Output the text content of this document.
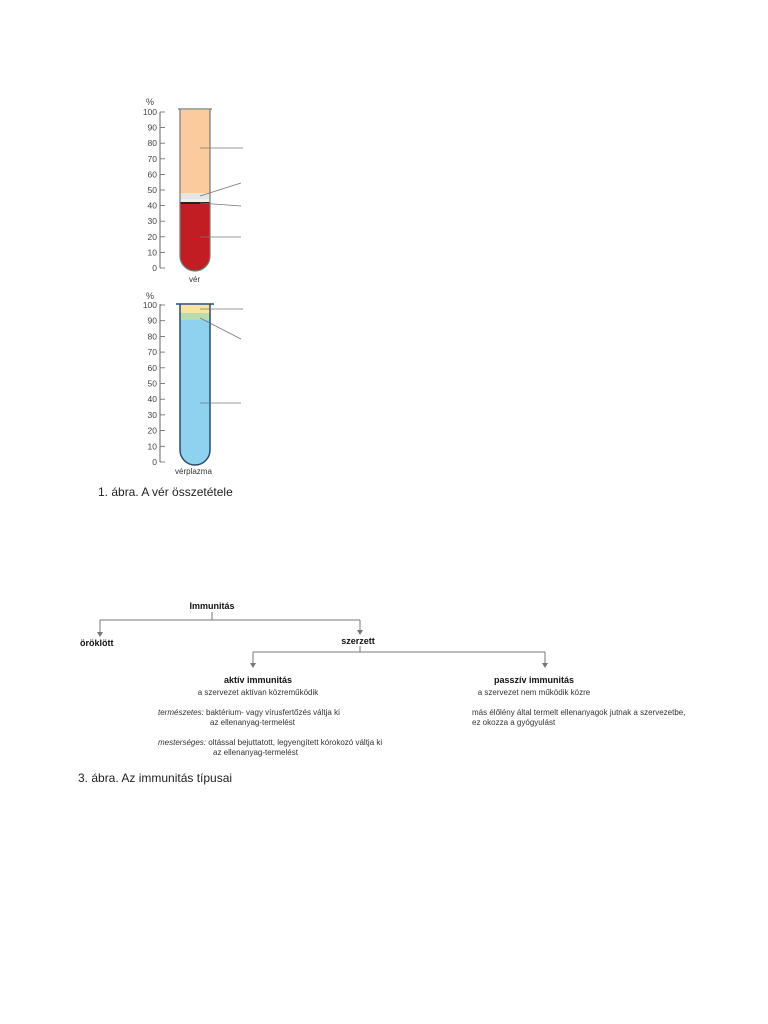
%
100
90
80
70
60
50
40
30
20
10
0
vér
%
100
90
80
70
60
50
40
30
20
10
0
vérplazma
1. ábra. A vér összetétele
Immunitás
öröklött	szerzett
aktív immunitás
a szervezet aktívan közreműködik
természetes: baktérium- vagy vírusfertőzés váltja ki
az ellenanyag-termelést
mesterséges: oltással bejuttatott, legyengített kórokozó váltja ki
az ellenanyag-termelést
passzív immunitás
a szervezet nem működik közre
más élőlény által termelt ellenanyagok jutnak a szervezetbe,
ez okozza a gyógyulást
3. ábra. Az immunitás típusai
